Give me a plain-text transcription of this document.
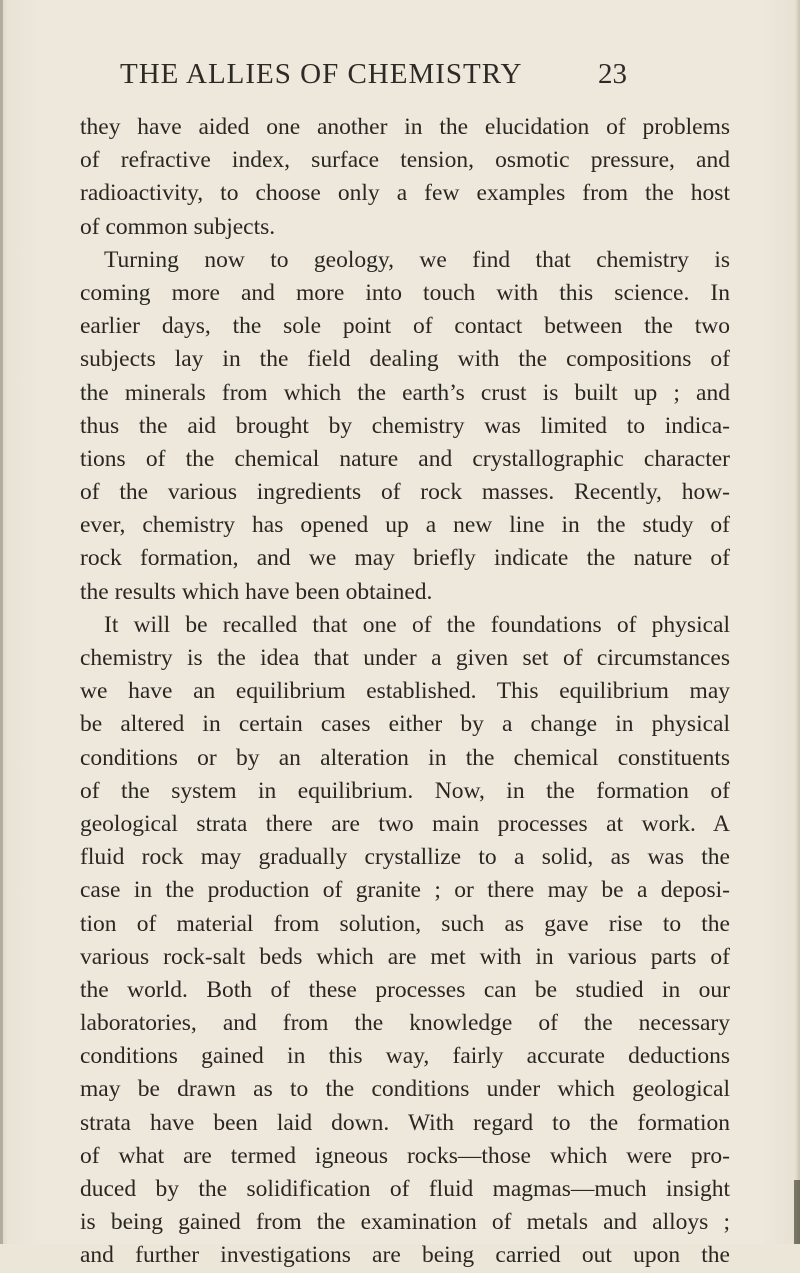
THE ALLIES OF CHEMISTRY	23
they have aided one another in the elucidation of problems
of refractive index, surface tension, osmotic pressure, and
radioactivity, to choose only a few examples from the host
of common subjects.
Turning now to geology, we find that chemistry is
coming more and more into touch with this science. In
earlier days, the sole point of contact between the two
subjects lay in the field dealing with the compositions of
the minerals from which the earth’s crust is built up ; and
thus the aid brought by chemistry was limited to indica-
tions of the chemical nature and crystallographic character
of the various ingredients of rock masses. Recently, how-
ever, chemistry has opened up a new line in the study of
rock formation, and we may briefly indicate the nature of
the results which have been obtained.
It will be recalled that one of the foundations of physical
chemistry is the idea that under a given set of circumstances
we have an equilibrium established. This equilibrium may
be altered in certain cases either by a change in physical
conditions or by an alteration in the chemical constituents
of the system in equilibrium. Now, in the formation of
geological strata there are two main processes at work. A
fluid rock may gradually crystallize to a solid, as was the
case in the production of granite ; or there may be a deposi-
tion of material from solution, such as gave rise to the
various rock-salt beds which are met with in various parts of
the world. Both of these processes can be studied in our
laboratories, and from the knowledge of the necessary
conditions gained in this way, fairly accurate deductions
may be drawn as to the conditions under which geological
strata have been laid down. With regard to the formation
of what are termed igneous rocks—those which were pro-
duced by the solidification of fluid magmas—much insight
is being gained from the examination of metals and alloys ;
and further investigations are being carried out upon the
